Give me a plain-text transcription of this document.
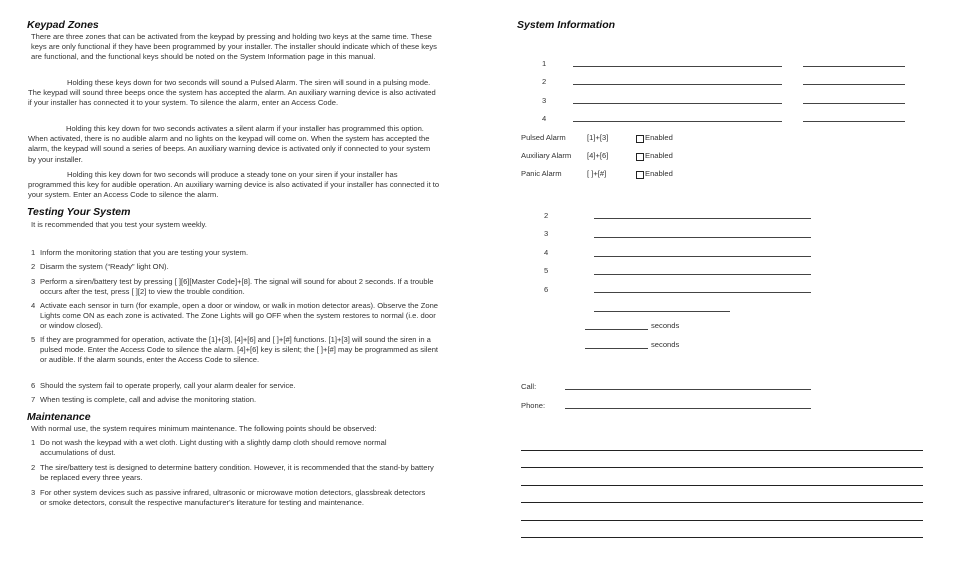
Keypad Zones

There are three zones that can be activated from the keypad by pressing and holding two keys at the same time. These keys are only functional if they have been programmed by your installer. The installer should indicate which of these keys are functional, and the functional keys should be noted on the System Information page in this manual.

Holding these keys down for two seconds will sound a Pulsed Alarm. The siren will sound in a pulsing mode. The keypad will sound three beeps once the system has accepted the alarm. An auxiliary warning device is also activated if your installer has connected it to your system. To silence the alarm, enter an Access Code.

Holding this key down for two seconds activates a silent alarm if your installer has programmed this option. When activated, there is no audible alarm and no lights on the keypad will come on. When the system has accepted the alarm, the keypad will sound a series of beeps. An auxiliary warning device is activated only if connected to your system by your installer.

Holding this key down for two seconds will produce a steady tone on your siren if your installer has programmed this key for audible operation. An auxiliary warning device is also activated if your installer has connected it to your system. Enter an Access Code to silence the alarm.

Testing Your System

It is recommended that you test your system weekly.

1 Inform the monitoring station that you are testing your system.

2 Disarm the system (“Ready” light ON).

3 Perform a siren/battery test by pressing [ ][6][Master Code]+[8]. The signal will sound for about 2 seconds. If a trouble occurs after the test, press [ ][2] to view the trouble condition.

4 Activate each sensor in turn (for example, open a door or window, or walk in motion detector areas). Observe the Zone Lights come ON as each zone is activated. The Zone Lights will go OFF when the system restores to normal (i.e. door or window closed).

5 If they are programmed for operation, activate the [1]+[3], [4]+[6] and [ ]+[#] functions. [1]+[3] will sound the siren in a pulsed mode. Enter the Access Code to silence the alarm. [4]+[6] key is silent; the [ ]+[#] may be programmed as silent or audible. If the alarm sounds, enter the Access Code to silence.

6 Should the system fail to operate properly, call your alarm dealer for service.

7 When testing is complete, call and advise the monitoring station.

Maintenance

With normal use, the system requires minimum maintenance. The following points should be observed:

1 Do not wash the keypad with a wet cloth. Light dusting with a slightly damp cloth should remove normal accumulations of dust.

2 The sire/battery test is designed to determine battery condition. However, it is recommended that the stand-by battery be replaced every three years.

3 For other system devices such as passive infrared, ultrasonic or microwave motion detectors, glassbreak detectors or smoke detectors, consult the respective manufacturer's literature for testing and maintenance.

System Information
1
2
3
4
Pulsed Alarm	[1]+[3]	Enabled
Auxiliary Alarm [4]+[6]	Enabled
Panic Alarm	[ ]+[#]	Enabled
2
3
4
5
6
seconds
seconds
Call:
Phone:
